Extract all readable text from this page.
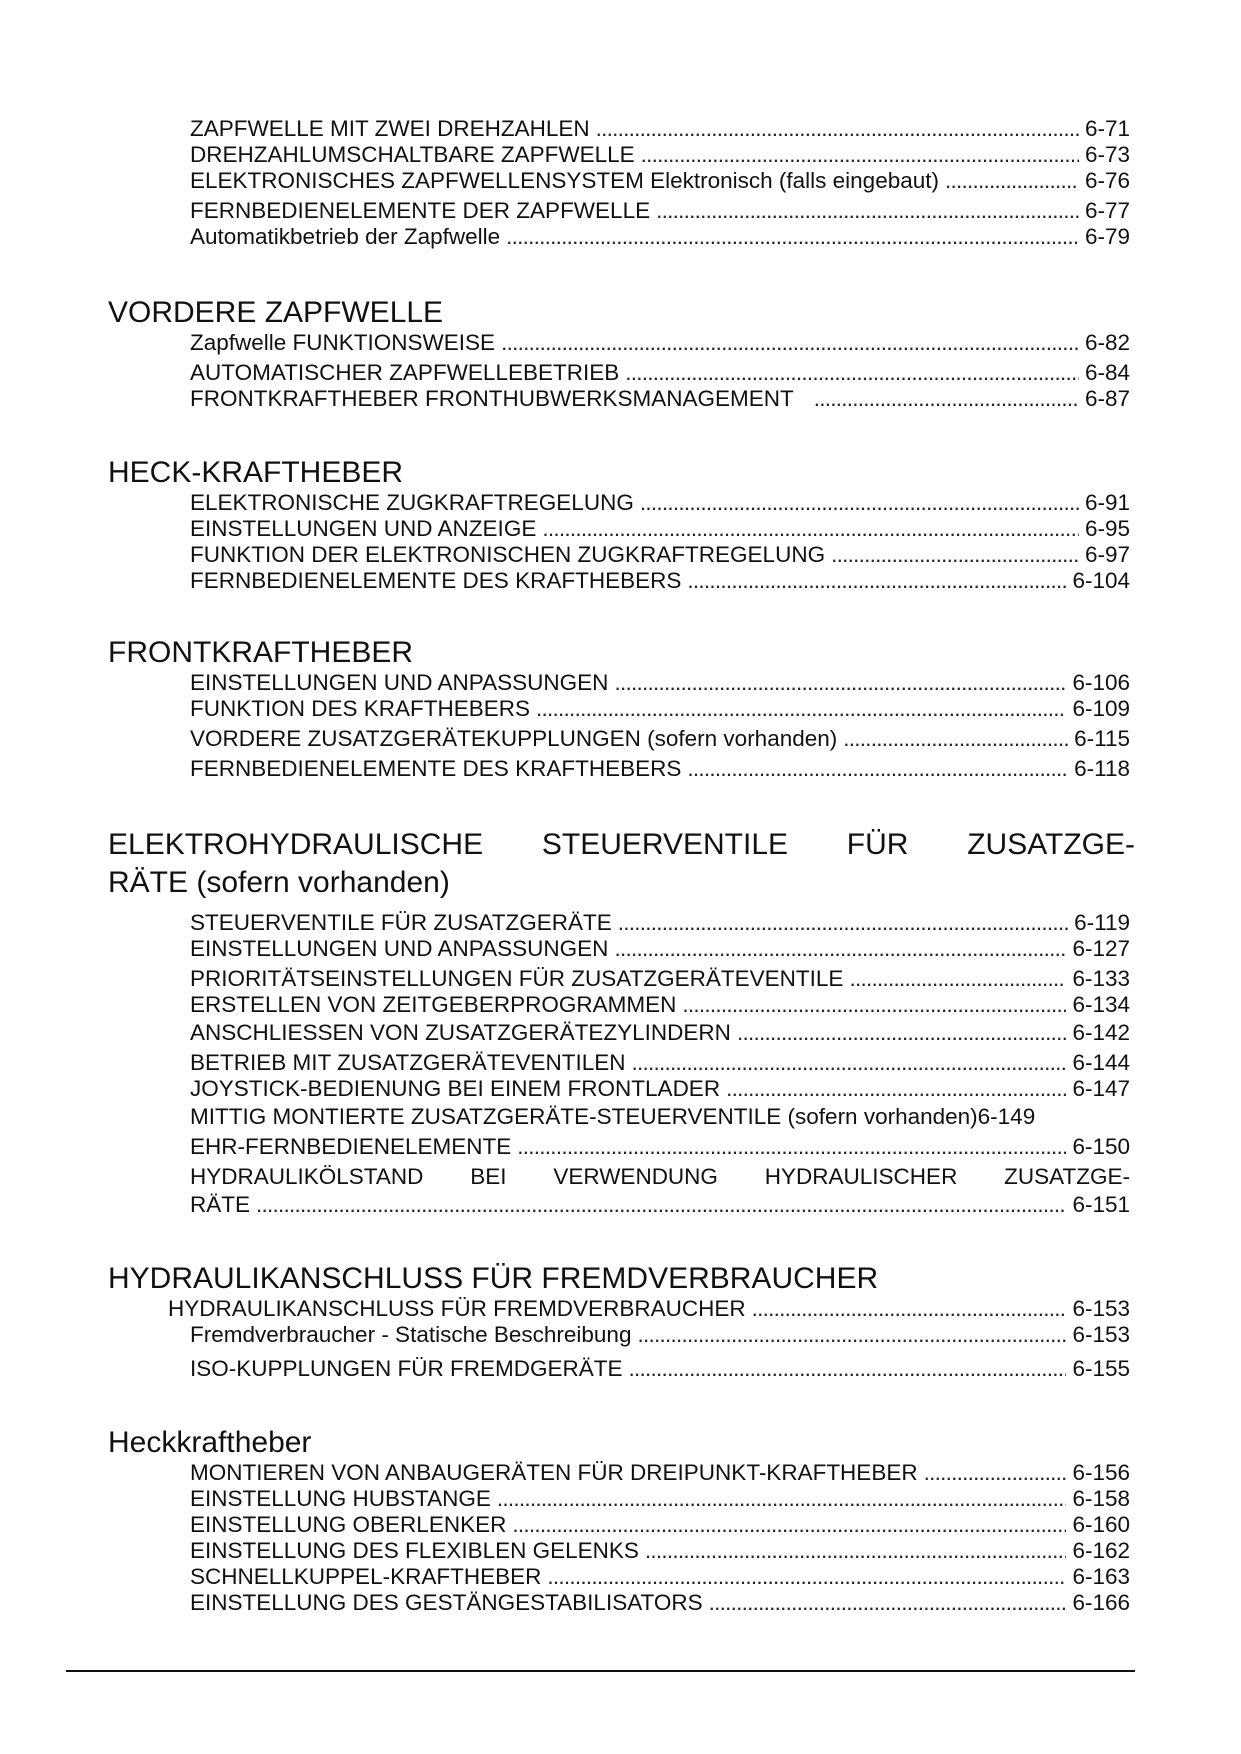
ZAPFWELLE MIT ZWEI DREHZAHLEN . . .	6-71
DREHZAHLUMSCHALTBARE ZAPFWELLE . . .	6-73
ELEKTRONISCHES ZAPFWELLENSYSTEM Elektronisch (falls eingebaut) . . .	6-76
FERNBEDIENELEMENTE DER ZAPFWELLE . . .	6-77
Automatikbetrieb der Zapfwelle . . .	6-79
VORDERE ZAPFWELLE
Zapfwelle FUNKTIONSWEISE . . .	6-82
AUTOMATISCHER ZAPFWELLEBETRIEB . . .	6-84
FRONTKRAFTHEBER FRONTHUBWERKSMANAGEMENT . . .	6-87
HECK-KRAFTHEBER
ELEKTRONISCHE ZUGKRAFTREGELUNG . . .	6-91
EINSTELLUNGEN UND ANZEIGE . . .	6-95
FUNKTION DER ELEKTRONISCHEN ZUGKRAFTREGELUNG . . .	6-97
FERNBEDIENELEMENTE DES KRAFTHEBERS . . .	6-104
FRONTKRAFTHEBER
EINSTELLUNGEN UND ANPASSUNGEN . . .	6-106
FUNKTION DES KRAFTHEBERS . . .	6-109
VORDERE ZUSATZGERÄTEKUPPLUNGEN (sofern vorhanden) . . .	6-115
FERNBEDIENELEMENTE DES KRAFTHEBERS . . .	6-118
ELEKTROHYDRAULISCHE STEUERVENTILE FÜR ZUSATZGE-
RÄTE (sofern vorhanden)
STEUERVENTILE FÜR ZUSATZGERÄTE . . .	6-119
EINSTELLUNGEN UND ANPASSUNGEN . . .	6-127
PRIORITÄTSEINSTELLUNGEN FÜR ZUSATZGERÄTEVENTILE . . .	6-133
ERSTELLEN VON ZEITGEBERPROGRAMMEN . . .	6-134
ANSCHLIESSEN VON ZUSATZGERÄTEZYLINDERN . . .	6-142
BETRIEB MIT ZUSATZGERÄTEVENTILEN . . .	6-144
JOYSTICK-BEDIENUNG BEI EINEM FRONTLADER . . .	6-147
MITTIG MONTIERTE ZUSATZGERÄTE-STEUERVENTILE (sofern vorhanden) 6-149
EHR-FERNBEDIENELEMENTE . . .	6-150
HYDRAULIKÖLSTAND BEI VERWENDUNG HYDRAULISCHER ZUSATZGE-
RÄTE . . .	6-151
HYDRAULIKANSCHLUSS FÜR FREMDVERBRAUCHER
HYDRAULIKANSCHLUSS FÜR FREMDVERBRAUCHER . . .	6-153
Fremdverbraucher - Statische Beschreibung . . .	6-153
ISO-KUPPLUNGEN FÜR FREMDGERÄTE . . .	6-155
Heckkraftheber
MONTIEREN VON ANBAUGERÄTEN FÜR DREIPUNKT-KRAFTHEBER . . .	6-156
EINSTELLUNG HUBSTANGE . . .	6-158
EINSTELLUNG OBERLENKER . . .	6-160
EINSTELLUNG DES FLEXIBLEN GELENKS . . .	6-162
SCHNELLKUPPEL-KRAFTHEBER . . .	6-163
EINSTELLUNG DES GESTÄNGESTABILISATORS . . .	6-166
